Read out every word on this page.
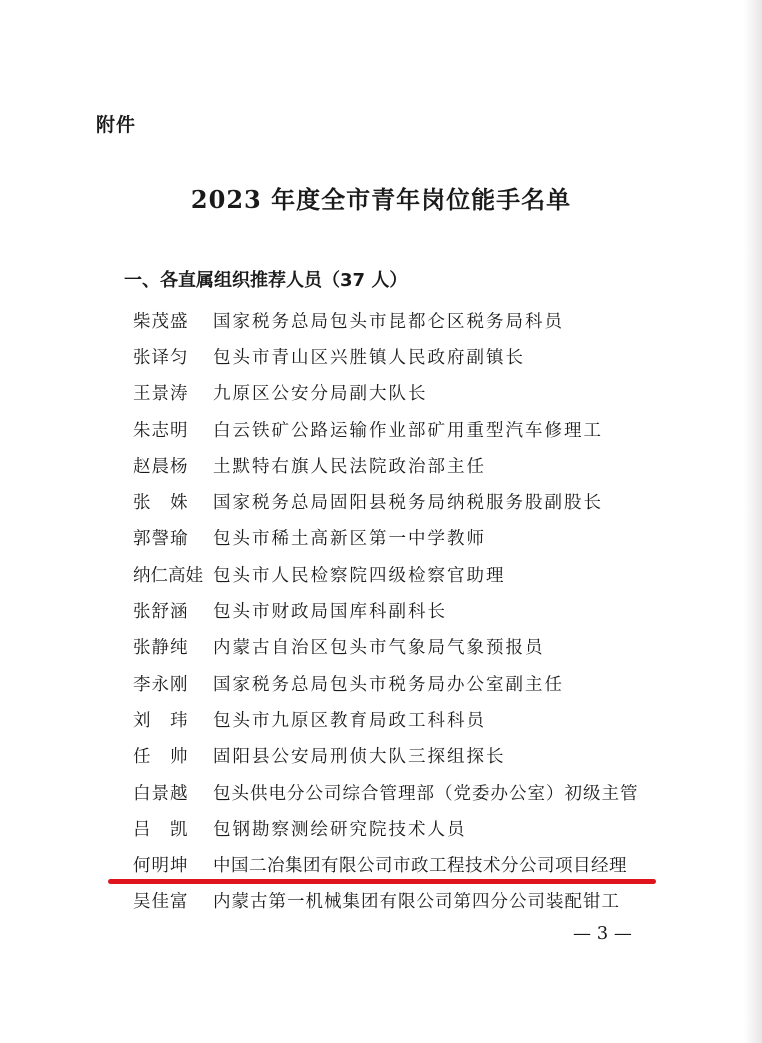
附件
2023 年度全市青年岗位能手名单
一、各直属组织推荐人员（37 人）
柴茂盛	国家税务总局包头市昆都仑区税务局科员
张译匀	包头市青山区兴胜镇人民政府副镇长
王景涛	九原区公安分局副大队长
朱志明	白云铁矿公路运输作业部矿用重型汽车修理工
赵晨杨	土默特右旗人民法院政治部主任
张　姝	国家税务总局固阳县税务局纳税服务股副股长
郭謦瑜	包头市稀土高新区第一中学教师
纳仁高娃 包头市人民检察院四级检察官助理
张舒涵	包头市财政局国库科副科长
张静纯	内蒙古自治区包头市气象局气象预报员
李永刚	国家税务总局包头市税务局办公室副主任
刘　玮	包头市九原区教育局政工科科员
任　帅	固阳县公安局刑侦大队三探组探长
白景越	包头供电分公司综合管理部（党委办公室）初级主管
吕　凯	包钢勘察测绘研究院技术人员
何明坤	中国二冶集团有限公司市政工程技术分公司项目经理
吴佳富	内蒙古第一机械集团有限公司第四分公司装配钳工
— 3 —
